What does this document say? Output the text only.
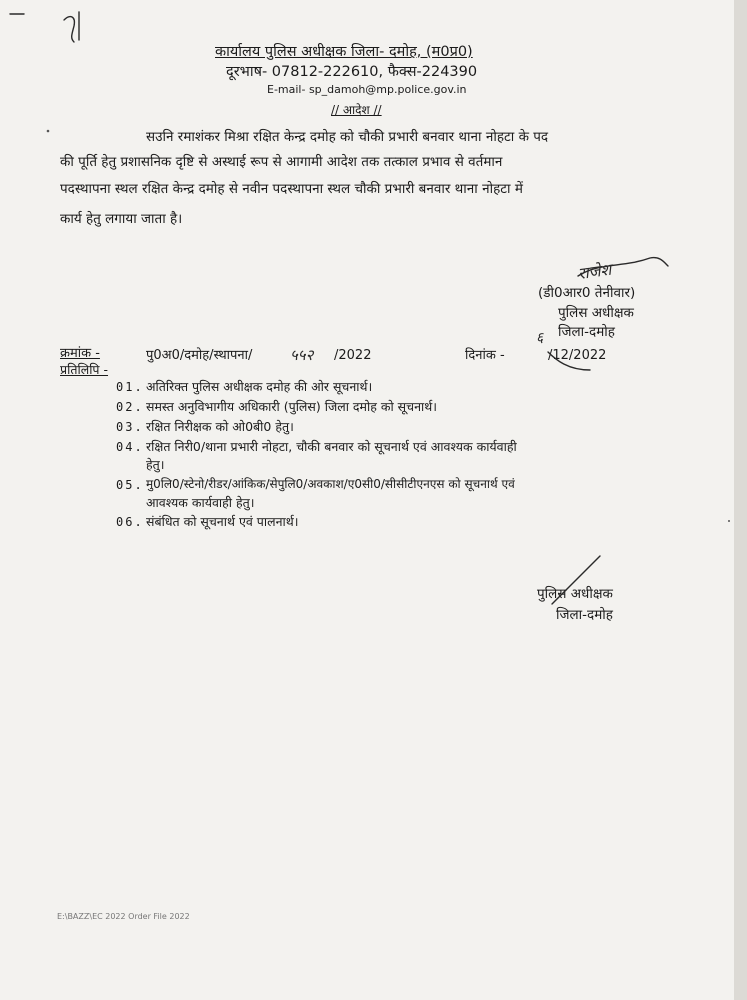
कार्यालय पुलिस अधीक्षक जिला- दमोह, (म0प्र0)
दूरभाष- 07812-222610, फैक्स-224390
E-mail- sp_damoh@mp.police.gov.in
// आदेश //
सउनि रमाशंकर मिश्रा रक्षित केन्द्र दमोह को चौकी प्रभारी बनवार थाना नोहटा के पद
की पूर्ति हेतु प्रशासनिक दृष्टि से अस्थाई रूप से आगामी आदेश तक तत्काल प्रभाव से वर्तमान
पदस्थापना स्थल रक्षित केन्द्र दमोह से नवीन पदस्थापना स्थल चौकी प्रभारी बनवार थाना नोहटा में
कार्य हेतु लगाया जाता है।
राजेश
(डी0आर0 तेनीवार)
पुलिस अधीक्षक
जिला-दमोह
क्रमांक -	पु0अ0/दमोह/स्थापना/	५५२ /2022	दिनांक -
६
/12/2022
प्रतिलिपि -
01. अतिरिक्त पुलिस अधीक्षक दमोह की ओर सूचनार्थ।
02. समस्त अनुविभागीय अधिकारी (पुलिस) जिला दमोह को सूचनार्थ।
03. रक्षित निरीक्षक को ओ0बी0 हेतु।
04. रक्षित निरी0/थाना प्रभारी नोहटा, चौकी बनवार को सूचनार्थ एवं आवश्यक कार्यवाही
हेतु।
05. मु0लि0/स्टेनो/रीडर/आंकिक/सेपुलि0/अवकाश/ए0सी0/सीसीटीएनएस को सूचनार्थ एवं
आवश्यक कार्यवाही हेतु।
06. संबंधित को सूचनार्थ एवं पालनार्थ।
पुलिस अधीक्षक
जिला-दमोह
E:\BAZZ\EC 2022 Order File 2022
